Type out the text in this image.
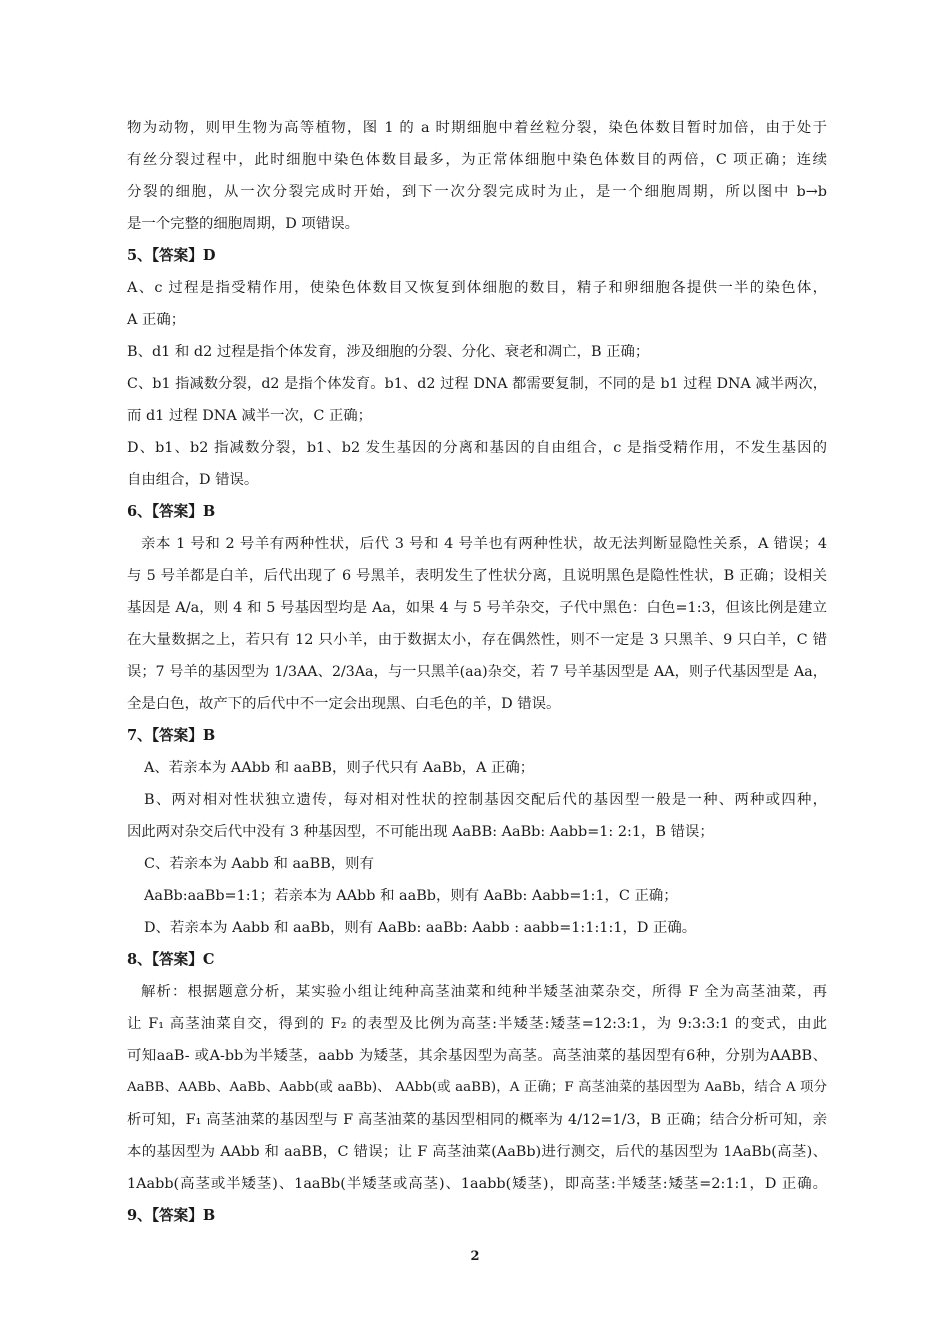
物为动物，则甲生物为高等植物，图 1 的 a 时期细胞中着丝粒分裂，染色体数目暂时加倍，由于处于
有丝分裂过程中，此时细胞中染色体数目最多，为正常体细胞中染色体数目的两倍，C 项正确；连续
分裂的细胞，从一次分裂完成时开始，到下一次分裂完成时为止，是一个细胞周期，所以图中 b→b
是一个完整的细胞周期，D 项错误。
5、【答案】D
A、c 过程是指受精作用，使染色体数目又恢复到体细胞的数目，精子和卵细胞各提供一半的染色体，
A 正确；
B、d1 和 d2 过程是指个体发育，涉及细胞的分裂、分化、衰老和凋亡，B 正确；
C、b1 指减数分裂，d2 是指个体发育。b1、d2 过程 DNA 都需要复制，不同的是 b1 过程 DNA 减半两次，
而 d1 过程 DNA 减半一次，C 正确；
D、b1、b2 指减数分裂，b1、b2 发生基因的分离和基因的自由组合，c 是指受精作用，不发生基因的
自由组合，D 错误。
6、【答案】B
亲本 1 号和 2 号羊有两种性状，后代 3 号和 4 号羊也有两种性状，故无法判断显隐性关系，A 错误；4
与 5 号羊都是白羊，后代出现了 6 号黑羊，表明发生了性状分离，且说明黑色是隐性性状，B 正确；设相关
基因是 A/a，则 4 和 5 号基因型均是 Aa，如果 4 与 5 号羊杂交，子代中黑色：白色=1:3，但该比例是建立
在大量数据之上，若只有 12 只小羊，由于数据太小，存在偶然性，则不一定是 3 只黑羊、9 只白羊，C 错
误；7 号羊的基因型为 1/3AA、2/3Aa，与一只黑羊(aa)杂交，若 7 号羊基因型是 AA，则子代基因型是 Aa，
全是白色，故产下的后代中不一定会出现黑、白毛色的羊，D 错误。
7、【答案】B
A、若亲本为 AAbb 和 aaBB，则子代只有 AaBb，A 正确；
B、两对相对性状独立遗传，每对相对性状的控制基因交配后代的基因型一般是一种、两种或四种，
因此两对杂交后代中没有 3 种基因型，不可能出现 AaBB: AaBb: Aabb=1: 2:1，B 错误；
C、若亲本为 Aabb 和 aaBB，则有
AaBb:aaBb=1:1；若亲本为 AAbb 和 aaBb，则有 AaBb: Aabb=1:1，C 正确；
D、若亲本为 Aabb 和 aaBb，则有 AaBb: aaBb: Aabb : aabb=1:1:1:1，D 正确。
8、【答案】C
解析：根据题意分析，某实验小组让纯种高茎油菜和纯种半矮茎油菜杂交，所得 F 全为高茎油菜，再
让 F₁ 高茎油菜自交，得到的 F₂ 的表型及比例为高茎:半矮茎:矮茎=12:3:1，为 9:3:3:1 的变式，由此
可知aaB- 或A-bb为半矮茎，aabb 为矮茎，其余基因型为高茎。高茎油菜的基因型有6种，分别为AABB、
AaBB、AABb、AaBb、Aabb(或 aaBb)、 AAbb(或 aaBB)，A 正确；F 高茎油菜的基因型为 AaBb，结合 A 项分
析可知，F₁ 高茎油菜的基因型与 F 高茎油菜的基因型相同的概率为 4/12=1/3，B 正确；结合分析可知，亲
本的基因型为 AAbb 和 aaBB，C 错误；让 F 高茎油菜(AaBb)进行测交，后代的基因型为 1AaBb(高茎)、
1Aabb(高茎或半矮茎)、1aaBb(半矮茎或高茎)、1aabb(矮茎)，即高茎:半矮茎:矮茎=2:1:1，D 正确。
9、【答案】B
2
